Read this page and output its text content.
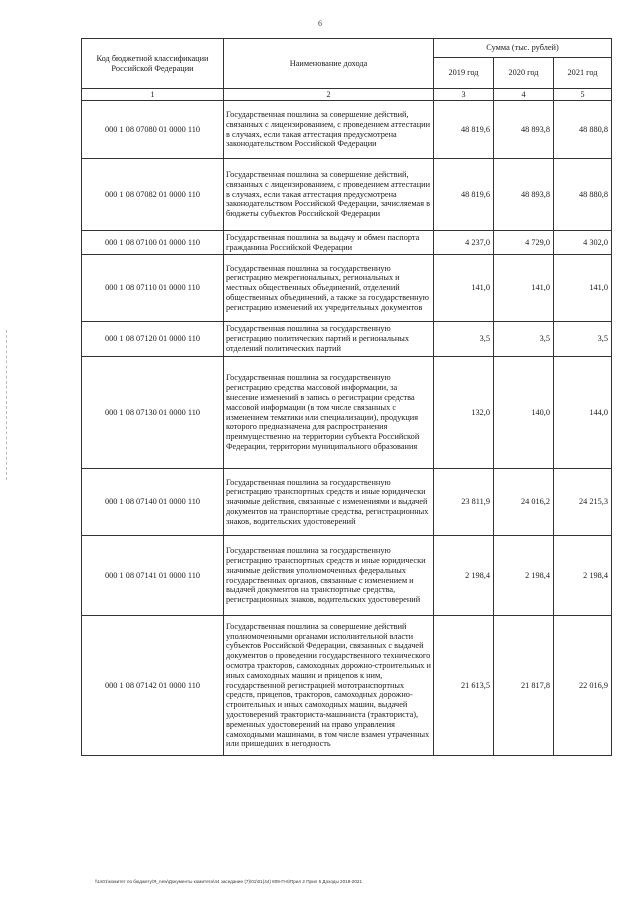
6
Код бюджетной классификации Российской Федерации	Наименование дохода	Сумма (тыс. рублей)		
		2019 год	2020 год	2021 год
1	2	3	4	5
000 1 08 07080 01 0000 110	Государственная пошлина за совершение действий, связанных с лицензированием, с проведением аттестации в случаях, если такая аттестация предусмотрена законодательством Российской Федерации	48 819,6	48 893,8	48 880,8
000 1 08 07082 01 0000 110	Государственная пошлина за совершение действий, связанных с лицензированием, с проведением аттестации в случаях, если такая аттестация предусмотрена законодательством Российской Федерации, зачисляемая в бюджеты субъектов Российской Федерации	48 819,6	48 893,8	48 880,8
000 1 08 07100 01 0000 110	Государственная пошлина за выдачу и обмен паспорта гражданина Российской Федерации	4 237,0	4 729,0	4 302,0
000 1 08 07110 01 0000 110	Государственная пошлина за государственную регистрацию межрегиональных, региональных и местных общественных объединений, отделений общественных объединений, а также за государственную регистрацию изменений их учредительных документов	141,0	141,0	141,0
000 1 08 07120 01 0000 110	Государственная пошлина за государственную регистрацию политических партий и региональных отделений политических партий	3,5	3,5	3,5
000 1 08 07130 01 0000 110	Государственная пошлина за государственную регистрацию средства массовой информации, за внесение изменений в запись о регистрации средства массовой информации (в том числе связанных с изменением тематики или специализации), продукция которого предназначена для распространения преимущественно на территории субъекта Российской Федерации, территории муниципального образования	132,0	140,0	144,0
000 1 08 07140 01 0000 110	Государственная пошлина за государственную регистрацию транспортных средств и иные юридически значимые действия, связанные с изменениями и выдачей документов на транспортные средства, регистрационных знаков, водительских удостоверений	23 811,9	24 016,2	24 215,3
000 1 08 07141 01 0000 110	Государственная пошлина за государственную регистрацию транспортных средств и иные юридически значимые действия уполномоченных федеральных государственных органов, связанные с изменением и выдачей документов на транспортные средства, регистрационных знаков, водительских удостоверений	2 198,4	2 198,4	2 198,4
000 1 08 07142 01 0000 110	Государственная пошлина за совершение действий уполномоченными органами исполнительной власти субъектов Российской Федерации, связанных с выдачей документов о проведении государственного технического осмотра тракторов, самоходных дорожно-строительных и иных самоходных машин и прицепов к ним, государственной регистрацией мототранспортных средств, прицепов, тракторов, самоходных дорожно-строительных и иных самоходных машин, выдачей удостоверений тракториста-машиниста (тракториста), временных удостоверений на право управления самоходными машинами, в том числе взамен утраченных или пришедших в негодность	21 613,5	21 817,8	22 016,9
\\1s01\комитет по бюджету\Я_new\Документы комитета\44 заседание (7)\01\01(44) 809-П-6\Прил 2 Прил 5 Доходы 2019-2021
